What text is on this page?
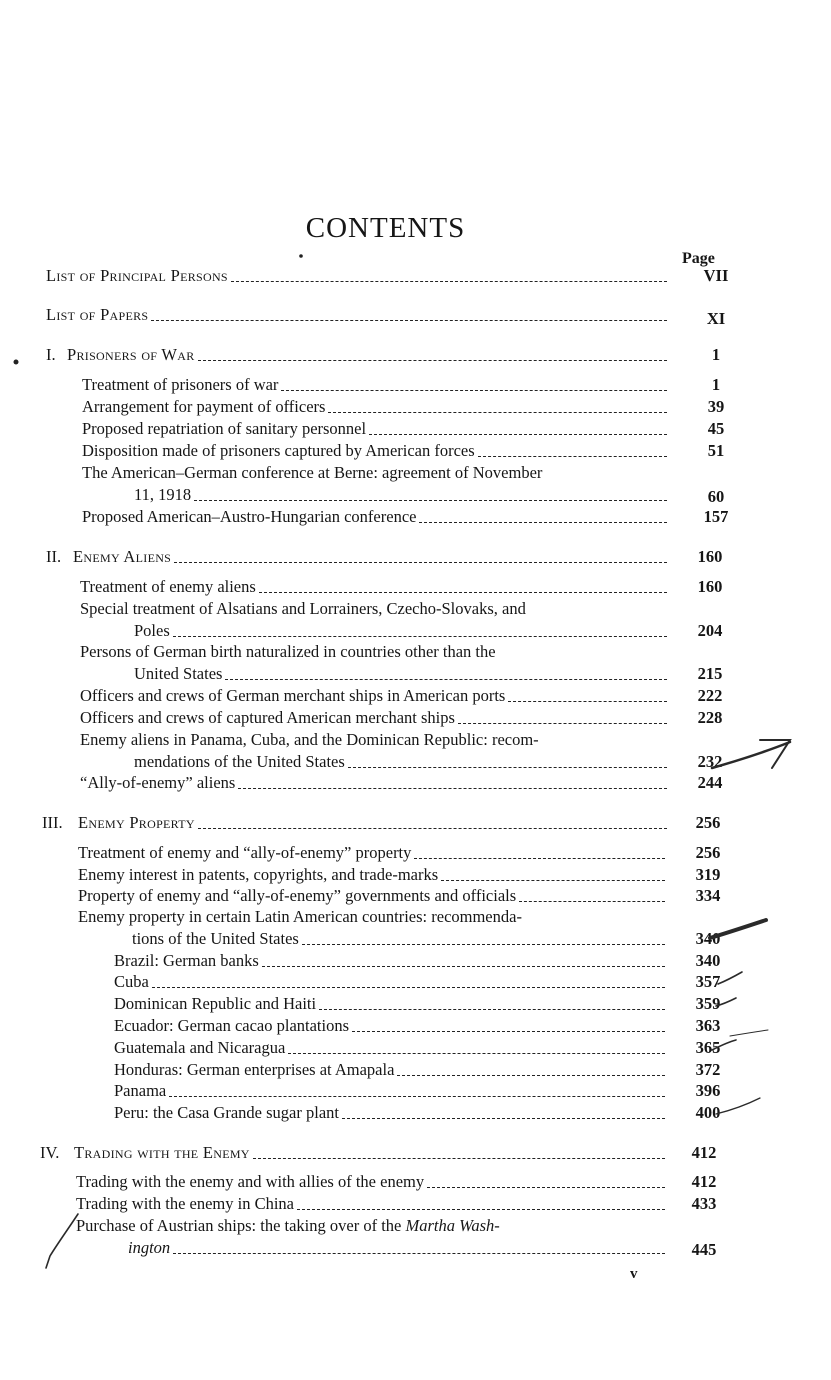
CONTENTS
Page
List of Principal Persons	VII
List of Papers	XI
I. Prisoners of War	1
Treatment of prisoners of war	1
Arrangement for payment of officers	39
Proposed repatriation of sanitary personnel	45
Disposition made of prisoners captured by American forces	51
The American–German conference at Berne: agreement of November
11, 1918	60
Proposed American–Austro-Hungarian conference	157
II. Enemy Aliens	160
Treatment of enemy aliens	160
Special treatment of Alsatians and Lorrainers, Czecho-Slovaks, and
Poles	204
Persons of German birth naturalized in countries other than the
United States	215
Officers and crews of German merchant ships in American ports	222
Officers and crews of captured American merchant ships	228
Enemy aliens in Panama, Cuba, and the Dominican Republic: recom-
mendations of the United States	232
“Ally-of-enemy” aliens	244
III. Enemy Property	256
Treatment of enemy and “ally-of-enemy” property	256
Enemy interest in patents, copyrights, and trade-marks	319
Property of enemy and “ally-of-enemy” governments and officials	334
Enemy property in certain Latin American countries: recommenda-
tions of the United States	340
Brazil: German banks	340
Cuba	357
Dominican Republic and Haiti	359
Ecuador: German cacao plantations	363
Guatemala and Nicaragua	365
Honduras: German enterprises at Amapala	372
Panama	396
Peru: the Casa Grande sugar plant	400
IV. Trading with the Enemy	412
Trading with the enemy and with allies of the enemy	412
Trading with the enemy in China	433
Purchase of Austrian ships: the taking over of the Martha Wash-
ington	445
v
